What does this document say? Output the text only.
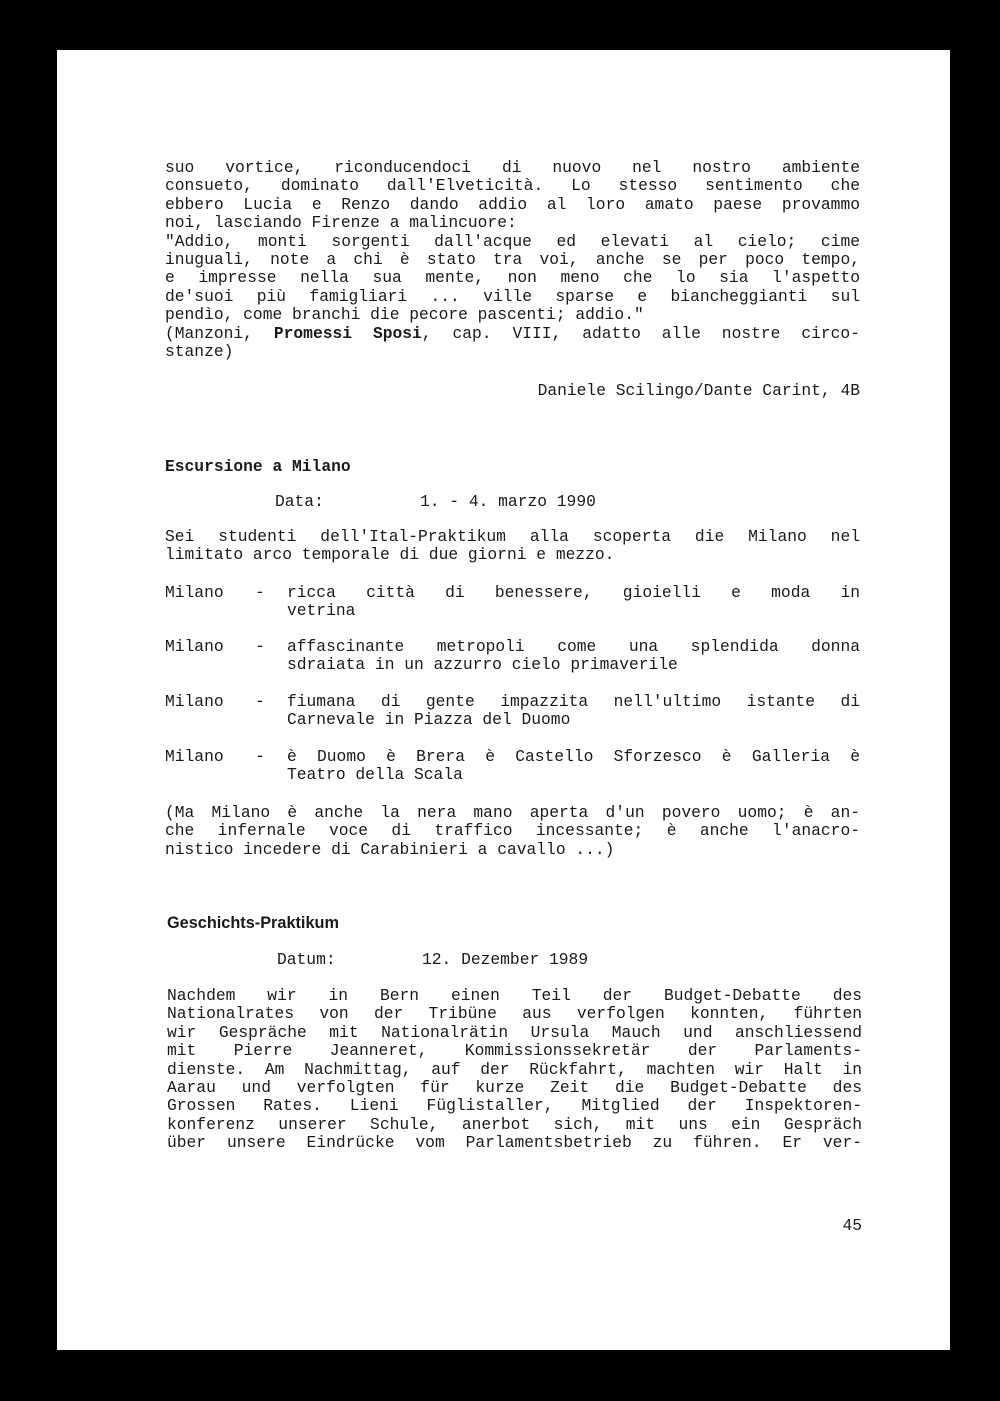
suo vortice, riconducendoci di nuovo nel nostro ambiente
consueto, dominato dall'Elveticità. Lo stesso sentimento che
ebbero Lucia e Renzo dando addio al loro amato paese provammo
noi, lasciando Firenze a malincuore:
"Addio, monti sorgenti dall'acque ed elevati al cielo; cime
inuguali, note a chi è stato tra voi, anche se per poco tempo,
e impresse nella sua mente, non meno che lo sia l'aspetto
de'suoi più famigliari ... ville sparse e biancheggianti sul
pendìo, come branchi die pecore pascenti; addio."
(Manzoni, Promessi Sposi, cap. VIII, adatto alle nostre circo-
stanze)
Daniele Scilingo/Dante Carint, 4B
Escursione a Milano
Data:	1. - 4. marzo 1990
Sei studenti dell'Ital-Praktikum alla scoperta die Milano nel
limitato arco temporale di due giorni e mezzo.
Milano - ricca città di benessere, gioielli e moda in
vetrina
Milano - affascinante metropoli come una splendida donna
sdraiata in un azzurro cielo primaverile
Milano - fiumana di gente impazzita nell'ultimo istante di
Carnevale in Piazza del Duomo
Milano - è Duomo è Brera è Castello Sforzesco è Galleria è
Teatro della Scala
(Ma Milano è anche la nera mano aperta d'un povero uomo; è an-
che infernale voce di traffico incessante; è anche l'anacro-
nistico incedere di Carabinieri a cavallo ...)
Geschichts-Praktikum
Datum:	12. Dezember 1989
Nachdem wir in Bern einen Teil der Budget-Debatte des
Nationalrates von der Tribüne aus verfolgen konnten, führten
wir Gespräche mit Nationalrätin Ursula Mauch und anschliessend
mit Pierre Jeanneret, Kommissionssekretär der Parlaments-
dienste. Am Nachmittag, auf der Rückfahrt, machten wir Halt in
Aarau und verfolgten für kurze Zeit die Budget-Debatte des
Grossen Rates. Lieni Füglistaller, Mitglied der Inspektoren-
konferenz unserer Schule, anerbot sich, mit uns ein Gespräch
über unsere Eindrücke vom Parlamentsbetrieb zu führen. Er ver-
45
